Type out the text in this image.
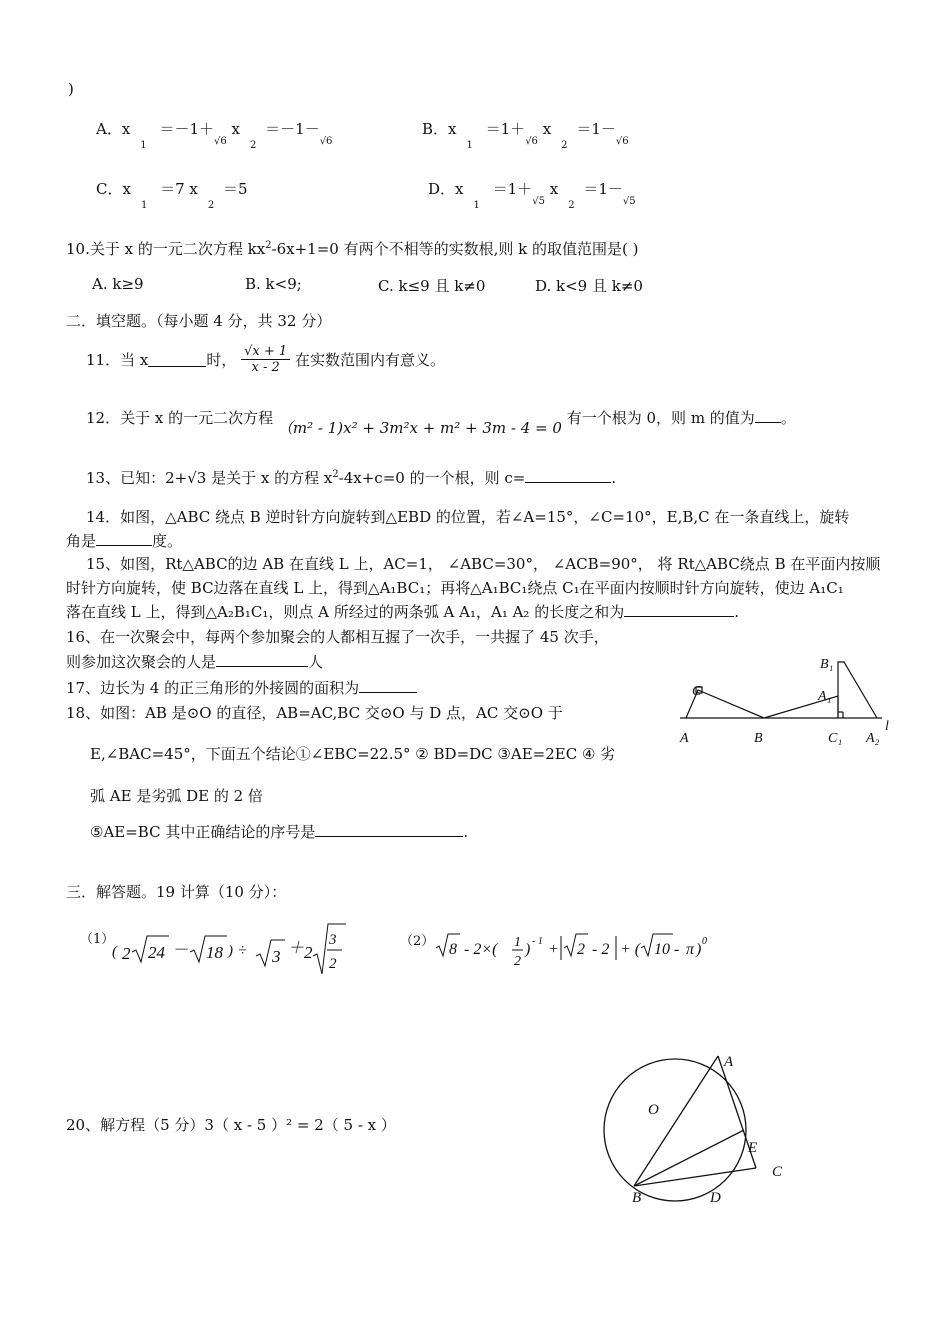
)
A．$x_1 =-1+_{√6}$ $x_2 =-1-_{√6}$
B．$x_1 =1+_{√6}$ $x_2 =1-_{√6}$
C．$x_1 =7$ $x_2 =5$	D．$x_1 =1+_{√5}$ $x_2 =1-_{√5}$
10.关于 x 的一元二次方程 $kx^2-6x+1=0$ 有两个不相等的实数根,则 k 的取值范围是( )
A. k≥9	B. k<9;	C. k≤9 且 k≠0	D. k<9 且 k≠0
二．填空题。（每小题 4 分，共 32 分）
11．当 x	时， $\frac{√x + 1}{x - 2}$ 在实数范围内有意义。
12．关于 x 的一元二次方程 （m² - 1)x² + 3m²x + m² + 3m - 4 = 0 有一个根为 0，则 m 的值为 。
13、已知：2+√3 是关于 x 的方程 $x^2-4x+c=0$ 的一个根，则 c=	.
14．如图，△ABC 绕点 B 逆时针方向旋转到△EBD 的位置，若∠A=15°，∠C=10°，E,B,C 在一条直线上，旋转
角是	度。
15、如图，Rt△ABC的边 AB 在直线 L 上，AC=1， ∠ABC=30°， ∠ACB=90°， 将 Rt△ABC绕点 B 在平面内按顺
时针方向旋转，使 BC边落在直线 L 上，得到△A₁BC₁；再将△A₁BC₁绕点 C₁在平面内按顺时针方向旋转，使边 A₁C₁
落在直线 L 上，得到△A₂B₁C₁，则点 A 所经过的两条弧 A A₁，A₁ A₂ 的长度之和为	.
16、在一次聚会中，每两个参加聚会的人都相互握了一次手，一共握了 45 次手，
则参加这次聚会的人是	人
17、边长为 4 的正三角形的外接圆的面积为
18、如图：AB 是⊙O 的直径，AB=AC,BC 交⊙O 与 D 点，AC 交⊙O 于
E,∠BAC=45°，下面五个结论①∠EBC=22.5° ② BD=DC ③AE=2EC ④ 劣
弧 AE 是劣弧 DE 的 2 倍
⑤AE=BC 其中正确结论的序号是	.
C
B₁
A₁
A	B	C₁ A₂
l
三．解答题。19 计算（10 分）：
（1）
( 2 24 － 18 ) ÷ 3 ＋ 2
3
2
（2） 8 - 2×( 1
2
) - 1 + 2 - 2 + ( 10 - π ) 0
20、解方程（5 分）3（ x - 5 ）² = 2（ 5 - x ）
A
O
E
C
B	D
